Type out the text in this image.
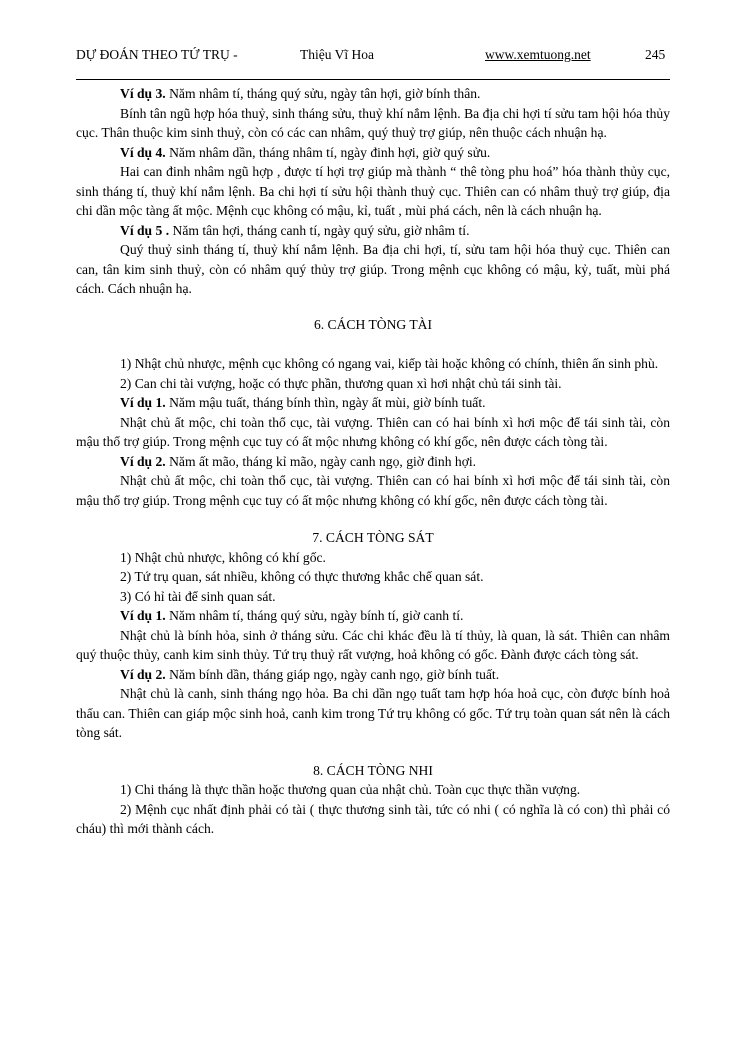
DỰ ĐOÁN THEO TỨ TRỤ -	Thiệu Vĩ Hoa	www.xemtuong.net	245

Ví dụ 3. Năm nhâm tí, tháng quý sửu, ngày tân hợi, giờ bính thân.

Bính tân ngũ hợp hóa thuỷ, sinh tháng sửu, thuỷ khí nắm lệnh. Ba địa chi hợi tí sửu tam hội hóa thủy cục. Thân thuộc kim sinh thuỷ, còn có các can nhâm, quý thuỷ trợ giúp, nên thuộc cách nhuận hạ.

Ví dụ 4. Năm nhâm dần, tháng nhâm tí, ngày đinh hợi, giờ quý sửu.

Hai can đinh nhâm ngũ hợp , được tí hợi trợ giúp mà thành “ thê tòng phu hoá” hóa thành thủy cục, sinh tháng tí, thuỷ khí nắm lệnh. Ba chi hợi tí sửu hội thành thuỷ cục. Thiên can có nhâm thuỷ trợ giúp, địa chi dần mộc tàng ất mộc. Mệnh cục không có mậu, kỉ, tuất , mùi phá cách, nên là cách nhuận hạ.

Ví dụ 5 . Năm tân hợi, tháng canh tí, ngày quý sửu, giờ nhâm tí.

Quý thuỷ sinh tháng tí, thuỷ khí nắm lệnh. Ba địa chi hợi, tí, sửu tam hội hóa thuỷ cục. Thiên can can, tân kim sinh thuỷ, còn có nhâm quý thủy trợ giúp. Trong mệnh cục không có mậu, kỷ, tuất, mùi phá cách. Cách nhuận hạ.

6. CÁCH TÒNG TÀI

1) Nhật chủ nhược, mệnh cục không có ngang vai, kiếp tài hoặc không có chính, thiên ấn sinh phù.

2) Can chi tài vượng, hoặc có thực phần, thương quan xì hơi nhật chủ tái sinh tài.

Ví dụ 1. Năm mậu tuất, tháng bính thìn, ngày ất mùi, giờ bính tuất.

Nhật chủ ất mộc, chi toàn thổ cục, tài vượng. Thiên can có hai bính xì hơi mộc để tái sinh tài, còn mậu thổ trợ giúp. Trong mệnh cục tuy có ất mộc nhưng không có khí gốc, nên được cách tòng tài.

Ví dụ 2. Năm ất mão, tháng kỉ mão, ngày canh ngọ, giờ đinh hợi.

Nhật chủ ất mộc, chi toàn thổ cục, tài vượng. Thiên can có hai bính xì hơi mộc để tái sinh tài, còn mậu thổ trợ giúp. Trong mệnh cục tuy có ất mộc nhưng không có khí gốc, nên được cách tòng tài.

7. CÁCH TÒNG SÁT

1) Nhật chủ nhược, không có khí gốc.

2) Tứ trụ quan, sát nhiều, không có thực thương khắc chế quan sát.

3) Có hỉ tài để sinh quan sát.

Ví dụ 1. Năm nhâm tí, tháng quý sửu, ngày bính tí, giờ canh tí.

Nhật chủ là bính hỏa, sinh ở tháng sửu. Các chi khác đều là tí thủy, là quan, là sát. Thiên can nhâm quý thuộc thủy, canh kim sinh thủy. Tứ trụ thuỷ rất vượng, hoả không có gốc. Đành được cách tòng sát.

Ví dụ 2. Năm bính dần, tháng giáp ngọ, ngày canh ngọ, giờ bính tuất.

Nhật chủ là canh, sinh tháng ngọ hỏa. Ba chi dần ngọ tuất tam hợp hóa hoả cục, còn được bính hoả thấu can. Thiên can giáp mộc sinh hoả, canh kim trong Tứ trụ không có gốc. Tứ trụ toàn quan sát nên là cách tòng sát.

8. CÁCH TÒNG NHI

1) Chi tháng là thực thần hoặc thương quan của nhật chủ. Toàn cục thực thần vượng.

2) Mệnh cục nhất định phải có tài ( thực thương sinh tài, tức có nhi ( có nghĩa là có con) thì phải có cháu) thì mới thành cách.
